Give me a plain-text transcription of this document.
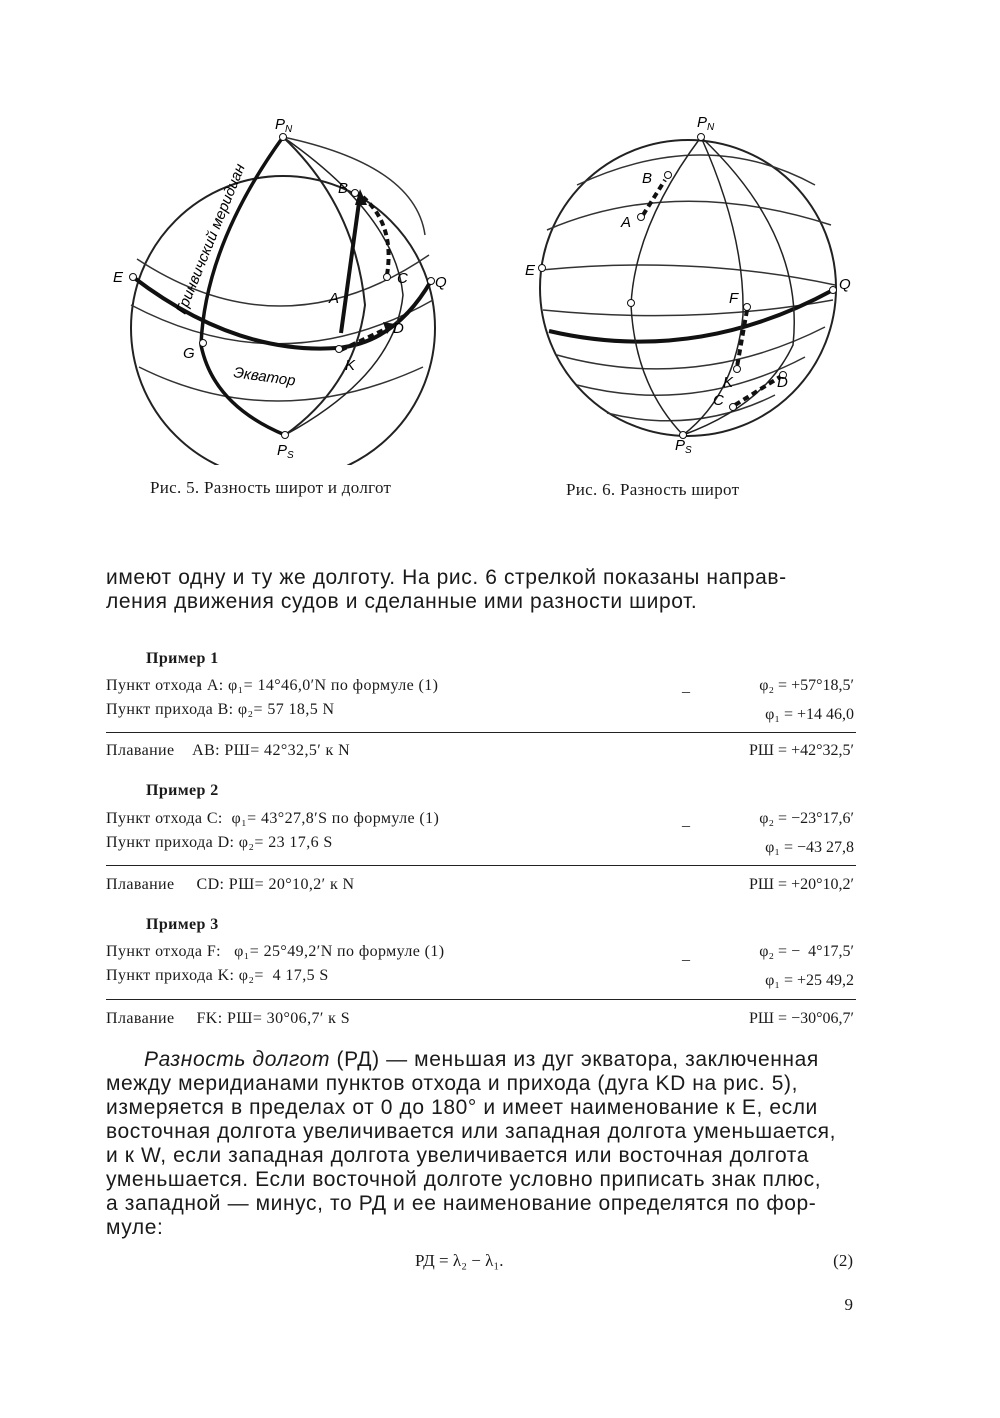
$P_N$
$P_S$
E	Q
G
K
A
B
C
D
Гринвичский меридиан
Экватор
Рис. 5. Разность широт и долгот
$P_N$
$P_S$
E
Q
B
A
F
K
C
D
Рис. 6. Разность широт
имеют одну и ту же долготу. На рис. 6 стрелкой показаны направ-
ления движения судов и сделанные ими разности широт.
Пример 1
Пункт отхода A: φ₁= 14°46,0′N по формуле (1)
Пункт прихода B: φ₂= 57 18,5 N
_	φ₂ = +57°18,5′
φ₁ = +14 46,0
Плавание    AB: РШ= 42°32,5′ к N	РШ = +42°32,5′
Пример 2
Пункт отхода C:  φ₁= 43°27,8′S по формуле (1)
Пункт прихода D: φ₂= 23 17,6 S
_	φ₂ = −23°17,6′
φ₁ = −43 27,8
Плавание     CD: РШ= 20°10,2′ к N	РШ = +20°10,2′
Пример 3
Пункт отхода F:   φ₁= 25°49,2′N по формуле (1)
Пункт прихода K: φ₂=  4 17,5 S
_	φ₂ = −  4°17,5′
φ₁ = +25 49,2
Плавание     FK: РШ= 30°06,7′ к S	РШ = −30°06,7′
Разность долгот (РД) — меньшая из дуг экватора, заключенная
между меридианами пунктов отхода и прихода (дуга KD на рис. 5),
измеряется в пределах от 0 до 180° и имеет наименование к E, если
восточная долгота увеличивается или западная долгота уменьшается,
и к W, если западная долгота увеличивается или восточная долгота
уменьшается. Если восточной долготе условно приписать знак плюс,
а западной — минус, то РД и ее наименование определятся по фор-
муле:
РД = λ₂ − λ₁.	(2)
9
